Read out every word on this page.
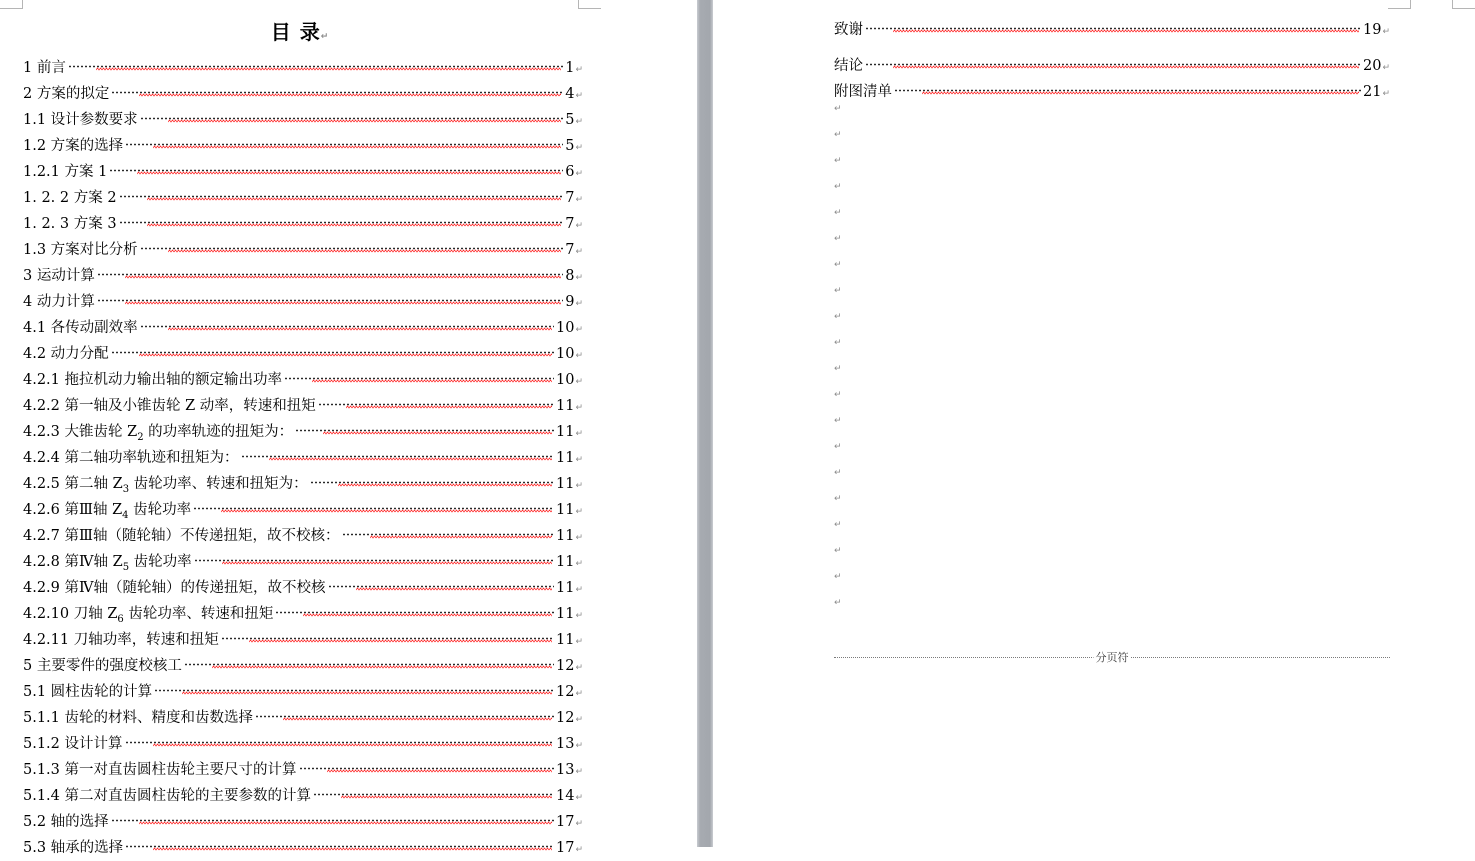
目 录↵
分页符
1 前言	1 ↵
2 方案的拟定	4 ↵
1.1 设计参数要求	5 ↵
1.2 方案的选择	5 ↵
1.2.1 方案 1	6 ↵
1. 2. 2 方案 2	7 ↵
1. 2. 3 方案 3	7 ↵
1.3 方案对比分析	7 ↵
3 运动计算	8 ↵
4 动力计算	9 ↵
4.1 各传动副效率	10 ↵
4.2 动力分配	10 ↵
4.2.1 拖拉机动力输出轴的额定输出功率	10 ↵
4.2.2 第一轴及小锥齿轮 Z 动率，转速和扭矩	11 ↵
4.2.3 大锥齿轮 $Z_2$ 的功率轨迹的扭矩为：	11 ↵
4.2.4 第二轴功率轨迹和扭矩为：	11 ↵
4.2.5 第二轴 $Z_3$ 齿轮功率、转速和扭矩为：	11 ↵
4.2.6 第Ⅲ轴 $Z_4$ 齿轮功率	11 ↵
4.2.7 第Ⅲ轴（随轮轴）不传递扭矩，故不校核：	11 ↵
4.2.8 第Ⅳ轴 $Z_5$ 齿轮功率	11 ↵
4.2.9 第Ⅳ轴（随轮轴）的传递扭矩，故不校核	11 ↵
4.2.10 刀轴 $Z_6$ 齿轮功率、转速和扭矩	11 ↵
4.2.11 刀轴功率，转速和扭矩	11 ↵
5 主要零件的强度校核工	12 ↵
5.1 圆柱齿轮的计算	12 ↵
5.1.1 齿轮的材料、精度和齿数选择	12 ↵
5.1.2 设计计算	13 ↵
5.1.3 第一对直齿圆柱齿轮主要尺寸的计算	13 ↵
5.1.4 第二对直齿圆柱齿轮的主要参数的计算	14 ↵
5.2 轴的选择	17 ↵
5.3 轴承的选择	17 ↵
致谢	19 ↵
结论	20 ↵
附图清单	21 ↵
↵
↵
↵
↵
↵
↵
↵
↵
↵
↵
↵
↵
↵
↵
↵
↵
↵
↵
↵
↵
